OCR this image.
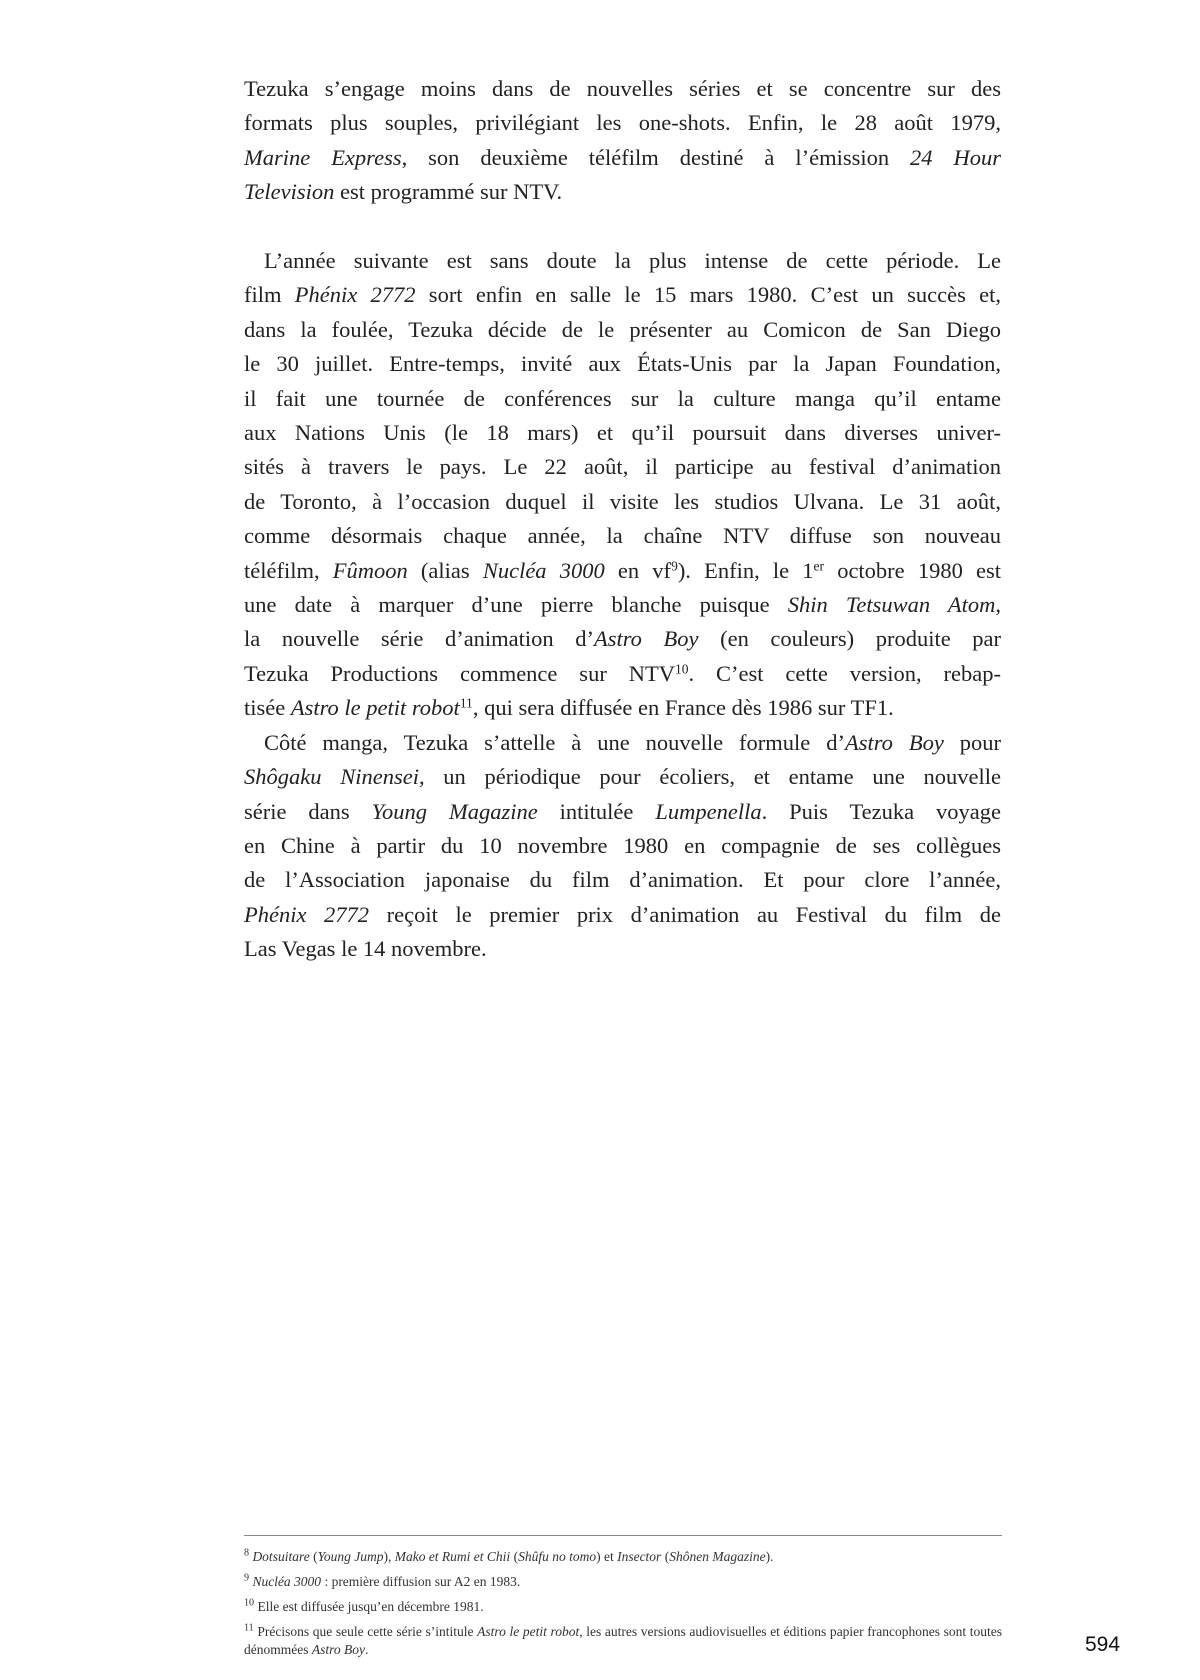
Tezuka s’engage moins dans de nouvelles séries et se concentre sur des
formats plus souples, privilégiant les one-shots. Enfin, le 28 août 1979,
Marine Express, son deuxième téléfilm destiné à l’émission 24 Hour
Television est programmé sur NTV.
L’année suivante est sans doute la plus intense de cette période. Le
film Phénix 2772 sort enfin en salle le 15 mars 1980. C’est un succès et,
dans la foulée, Tezuka décide de le présenter au Comicon de San Diego
le 30 juillet. Entre-temps, invité aux États-Unis par la Japan Foundation,
il fait une tournée de conférences sur la culture manga qu’il entame
aux Nations Unis (le 18 mars) et qu’il poursuit dans diverses univer-
sités à travers le pays. Le 22 août, il participe au festival d’animation
de Toronto, à l’occasion duquel il visite les studios Ulvana. Le 31 août,
comme désormais chaque année, la chaîne NTV diffuse son nouveau
téléfilm, Fûmoon (alias Nucléa 3000 en $vf^9$). Enfin, le 1er octobre 1980 est
une date à marquer d’une pierre blanche puisque Shin Tetsuwan Atom,
la nouvelle série d’animation d’Astro Boy (en couleurs) produite par
Tezuka Productions commence sur NTV$^{10}$. C’est cette version, rebap-
tisée Astro le petit robot$^{11}$, qui sera diffusée en France dès 1986 sur TF1.
Côté manga, Tezuka s’attelle à une nouvelle formule d’Astro Boy pour
Shôgaku Ninensei, un périodique pour écoliers, et entame une nouvelle
série dans Young Magazine intitulée Lumpenella. Puis Tezuka voyage
en Chine à partir du 10 novembre 1980 en compagnie de ses collègues
de l’Association japonaise du film d’animation. Et pour clore l’année,
Phénix 2772 reçoit le premier prix d’animation au Festival du film de
Las Vegas le 14 novembre.
$^8$ Dotsuitare (Young Jump), Mako et Rumi et Chii (Shûfu no tomo) et Insector (Shônen Magazine).
$^9$ Nucléa 3000 : première diffusion sur A2 en 1983.
$^{10}$ Elle est diffusée jusqu’en décembre 1981.
$^{11}$ Précisons que seule cette série s’intitule Astro le petit robot, les autres versions audiovisuelles et éditions papier francophones sont toutes dénommées Astro Boy.	594
